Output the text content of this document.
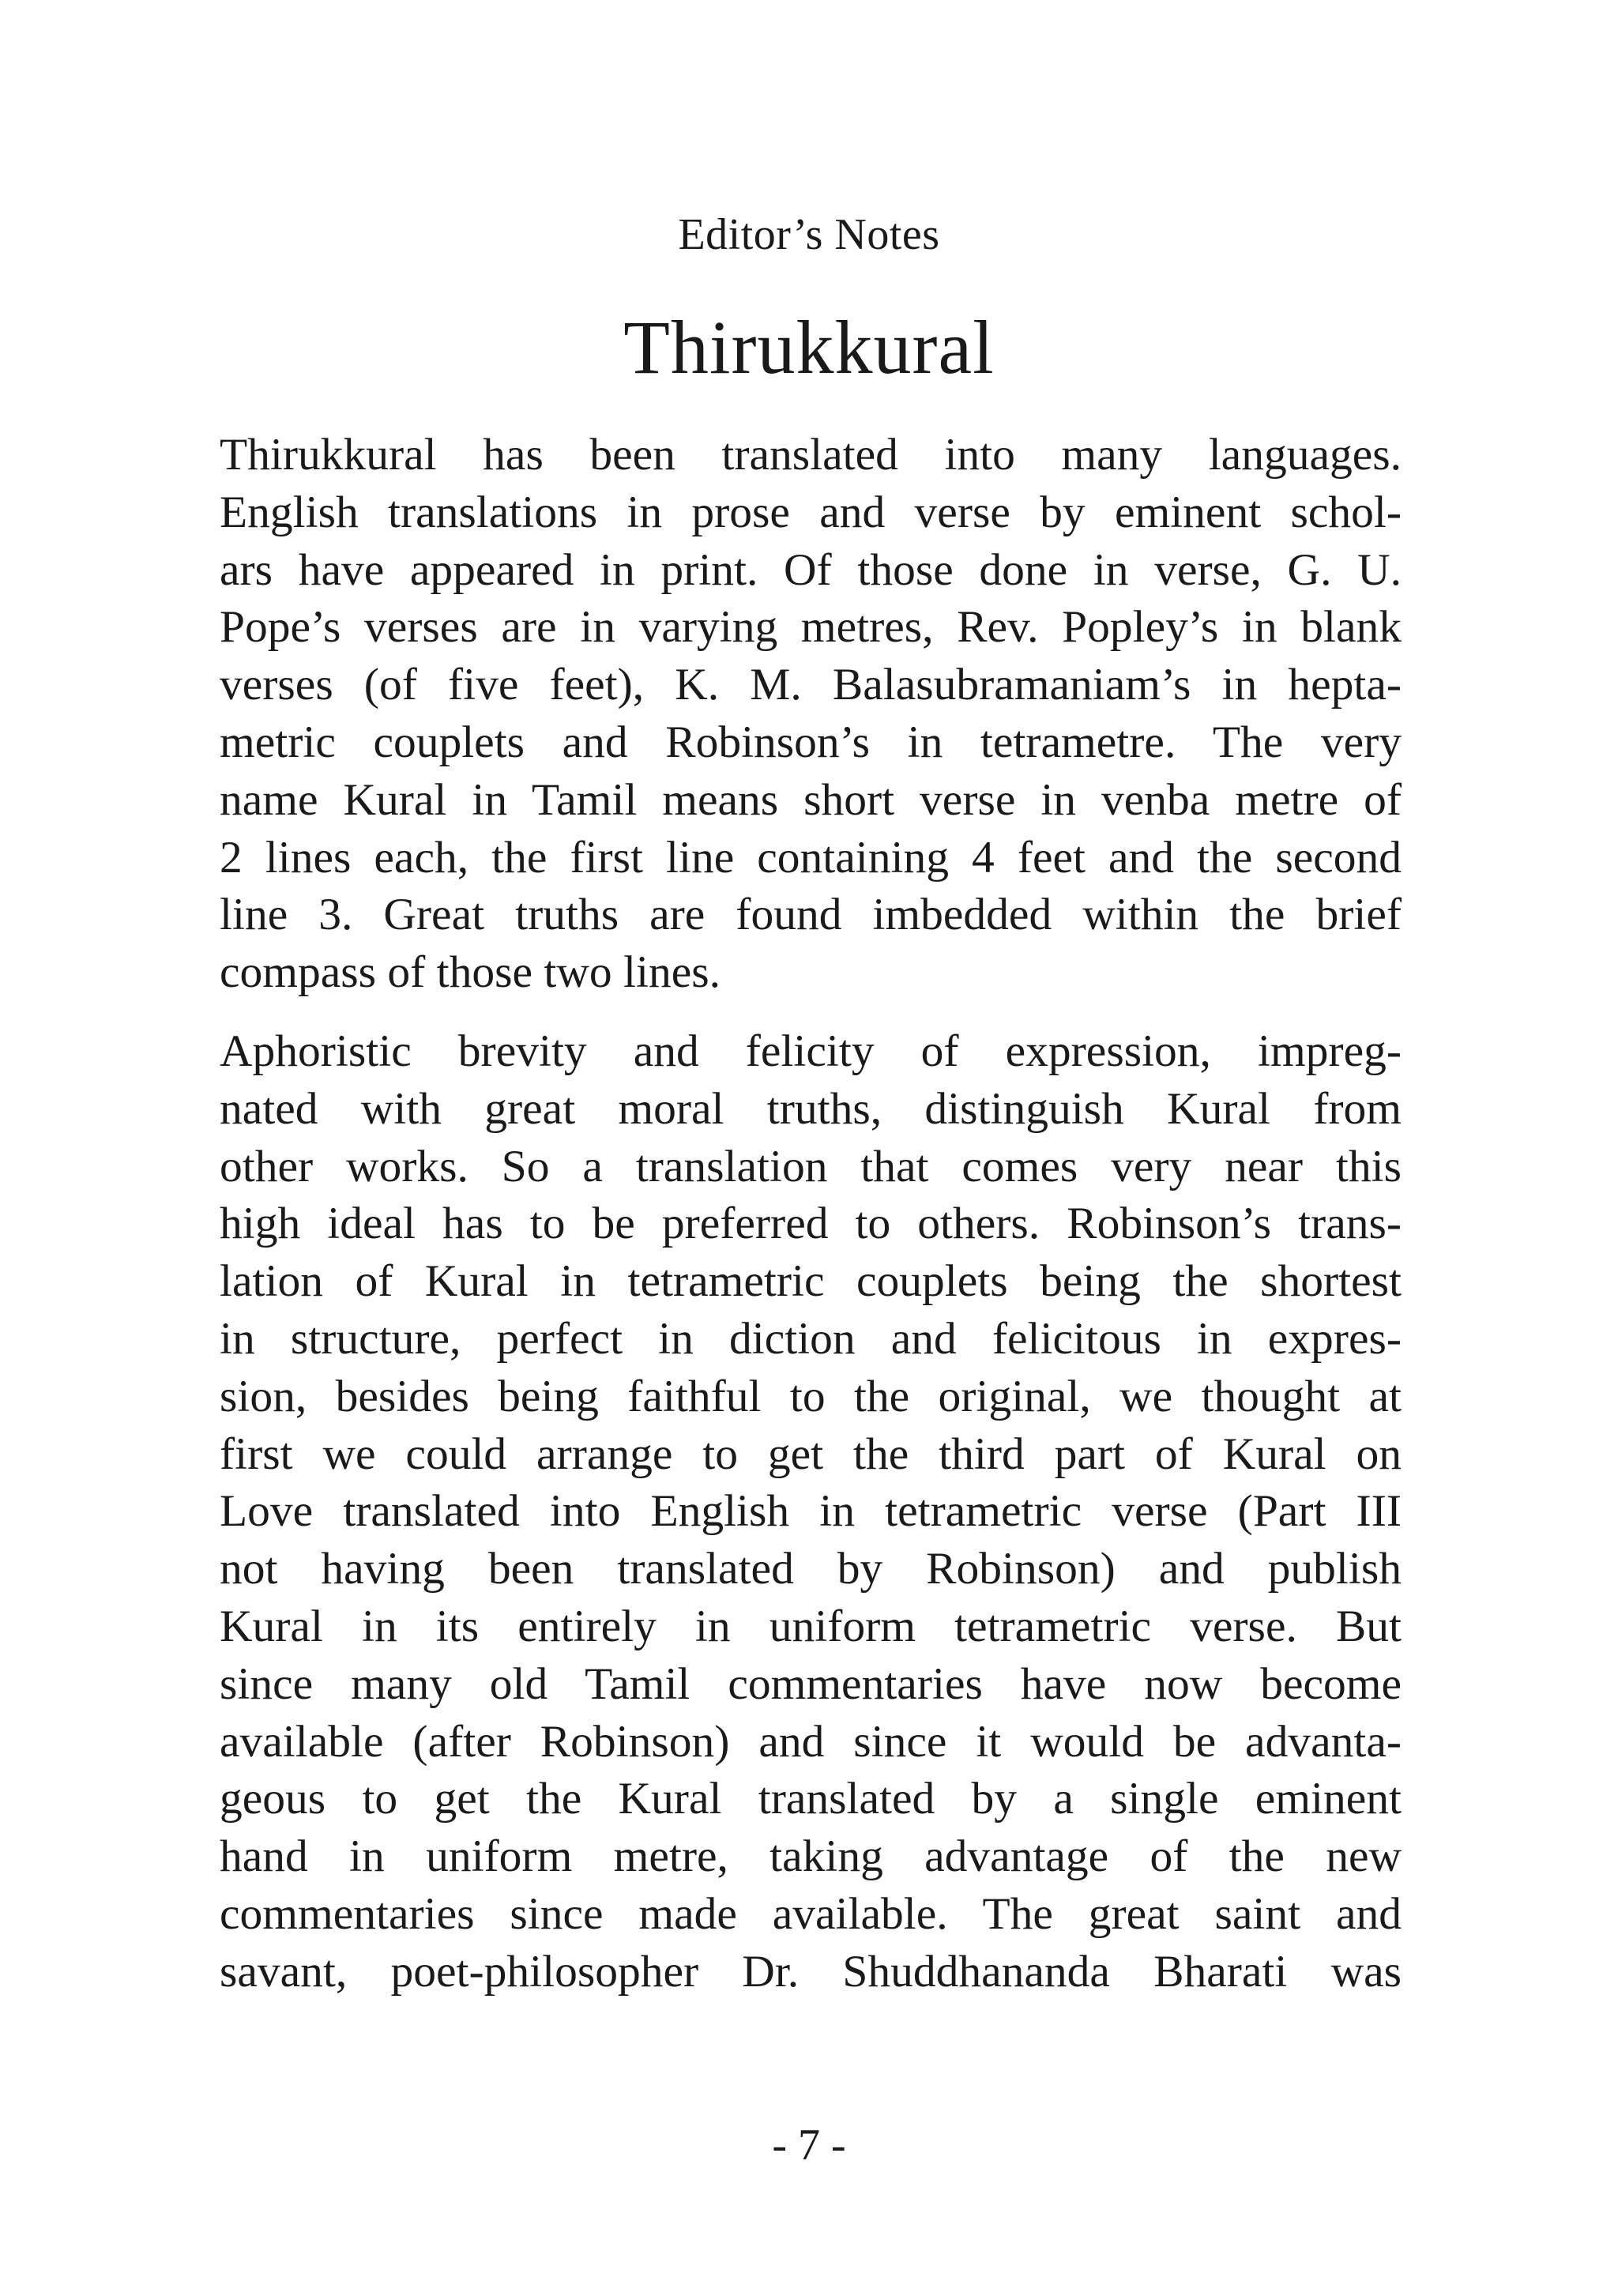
Editor’s Notes
Thirukkural
Thirukkural has been translated into many languages.
English translations in prose and verse by eminent schol-
ars have appeared in print. Of those done in verse, G. U.
Pope’s verses are in varying metres, Rev. Popley’s in blank
verses (of five feet), K. M. Balasubramaniam’s in hepta-
metric couplets and Robinson’s in tetrametre. The very
name Kural in Tamil means short verse in venba metre of
2 lines each, the first line containing 4 feet and the second
line 3. Great truths are found imbedded within the brief
compass of those two lines.
Aphoristic brevity and felicity of expression, impreg-
nated with great moral truths, distinguish Kural from
other works. So a translation that comes very near this
high ideal has to be preferred to others. Robinson’s trans-
lation of Kural in tetrametric couplets being the shortest
in structure, perfect in diction and felicitous in expres-
sion, besides being faithful to the original, we thought at
first we could arrange to get the third part of Kural on
Love translated into English in tetrametric verse (Part III
not having been translated by Robinson) and publish
Kural in its entirely in uniform tetrametric verse. But
since many old Tamil commentaries have now become
available (after Robinson) and since it would be advanta-
geous to get the Kural translated by a single eminent
hand in uniform metre, taking advantage of the new
commentaries since made available. The great saint and
savant, poet-philosopher Dr. Shuddhananda Bharati was
- 7 -
